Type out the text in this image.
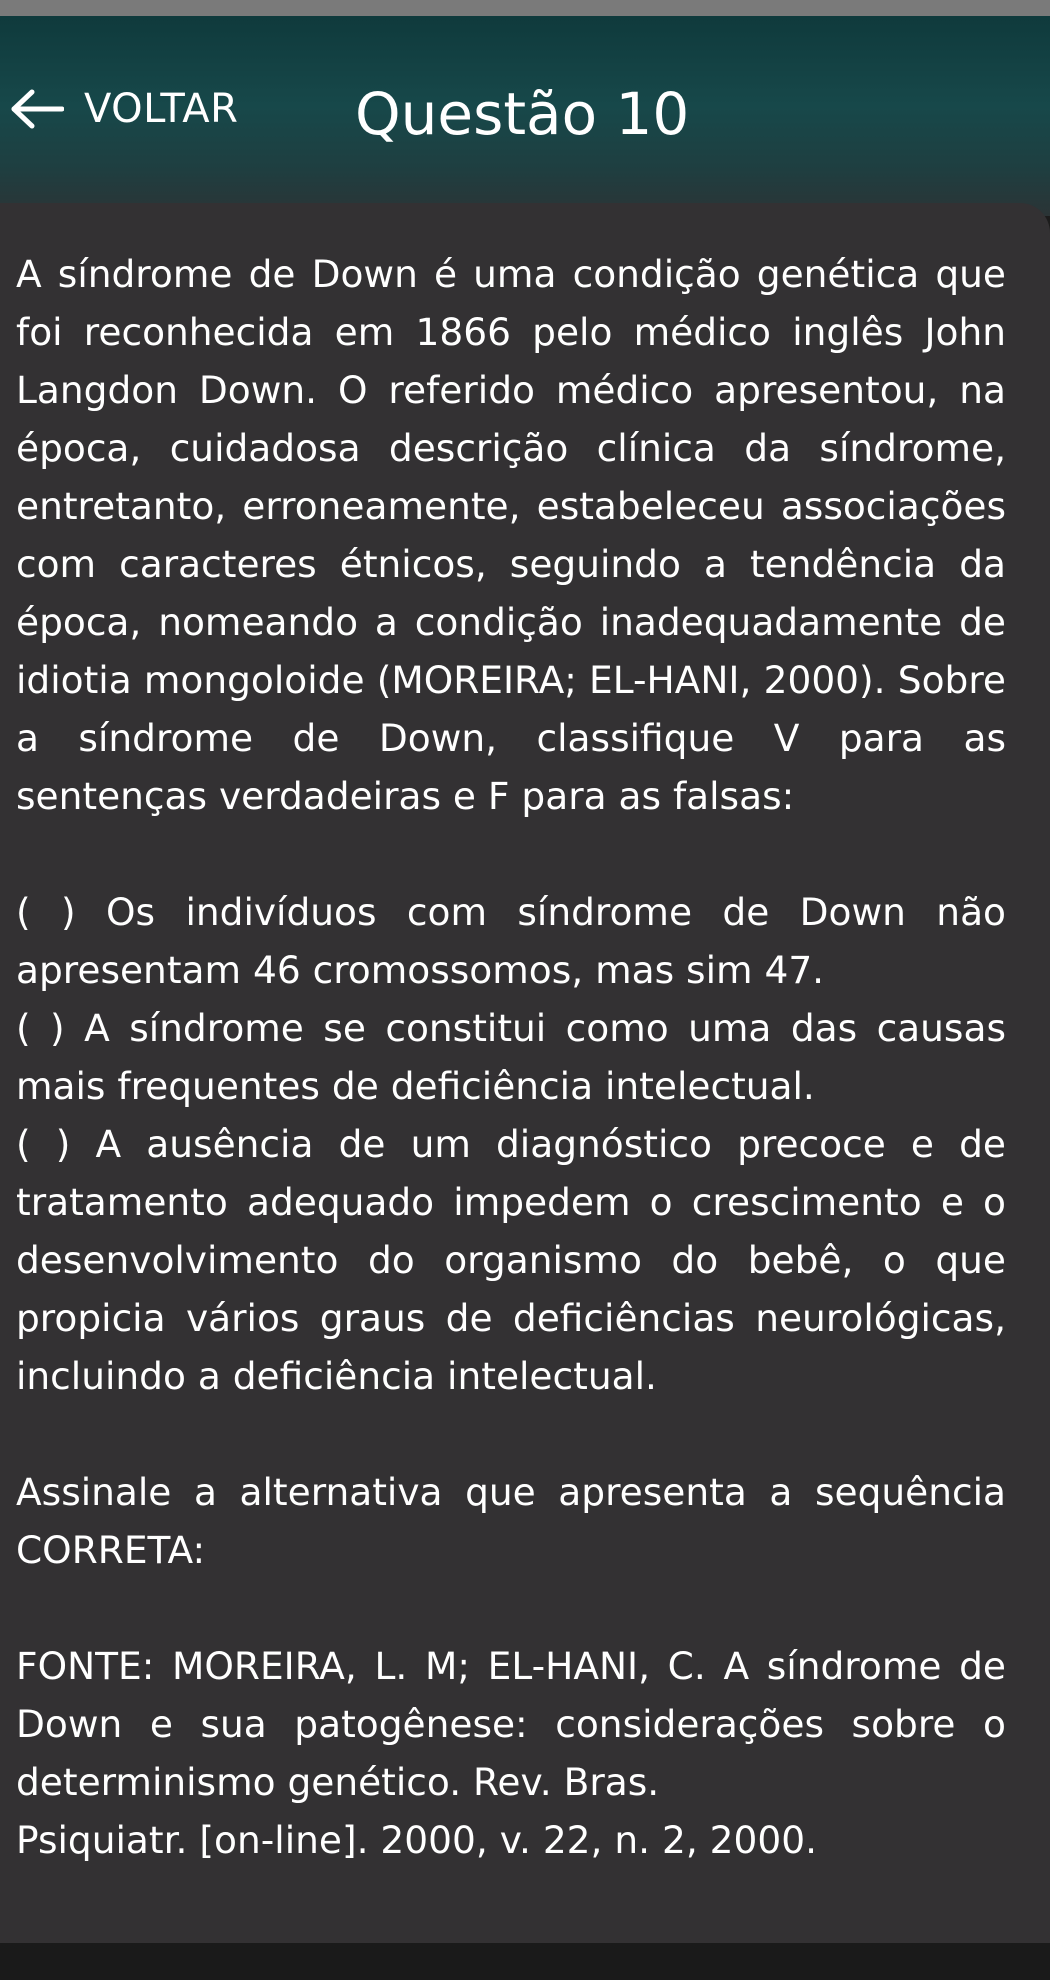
VOLTAR Questão 10

A síndrome de Down é uma condição genética que foi reconhecida em 1866 pelo médico inglês John Langdon Down. O referido médico apresentou, na época, cuidadosa descrição clínica da síndrome, entretanto, erroneamente, estabeleceu associações com caracteres étnicos, seguindo a tendência da época, nomeando a condição inadequadamente de idiotia mongoloide (MOREIRA; EL-HANI, 2000). Sobre a síndrome de Down, classifique V para as sentenças verdadeiras e F para as falsas:

( ) Os indivíduos com síndrome de Down não apresentam 46 cromossomos, mas sim 47.

( ) A síndrome se constitui como uma das causas mais frequentes de deficiência intelectual.

( ) A ausência de um diagnóstico precoce e de tratamento adequado impedem o crescimento e o desenvolvimento do organismo do bebê, o que propicia vários graus de deficiências neurológicas, incluindo a deficiência intelectual.

Assinale a alternativa que apresenta a sequência CORRETA:

FONTE: MOREIRA, L. M; EL-HANI, C. A síndrome de Down e sua patogênese: considerações sobre o determinismo genético. Rev. Bras.

Psiquiatr. [on-line]. 2000, v. 22, n. 2, 2000.
